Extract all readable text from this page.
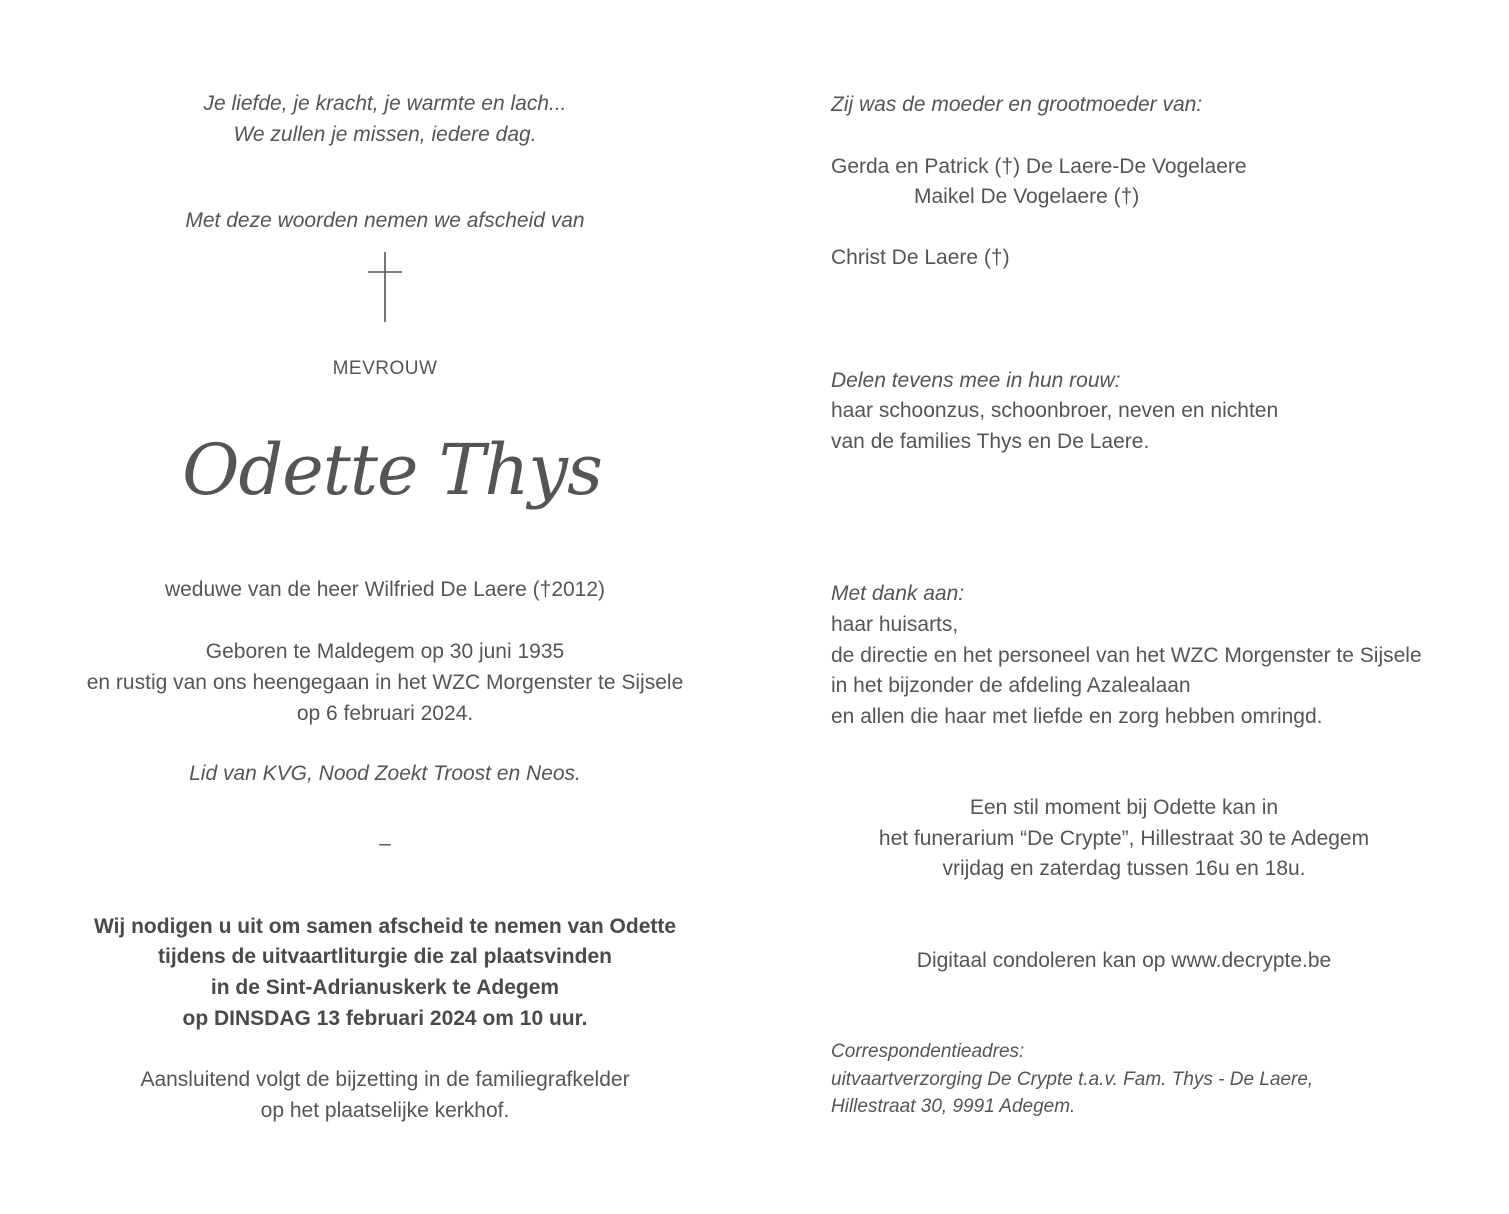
Je liefde, je kracht, je warmte en lach...
We zullen je missen, iedere dag.
Met deze woorden nemen we afscheid van
MEVROUW
Odette Thys
weduwe van de heer Wilfried De Laere (†2012)
Geboren te Maldegem op 30 juni 1935
en rustig van ons heengegaan in het WZC Morgenster te Sijsele
op 6 februari 2024.
Lid van KVG, Nood Zoekt Troost en Neos.
–
Wij nodigen u uit om samen afscheid te nemen van Odette
tijdens de uitvaartliturgie die zal plaatsvinden
in de Sint-Adrianuskerk te Adegem
op DINSDAG 13 februari 2024 om 10 uur.
Aansluitend volgt de bijzetting in de familiegrafkelder
op het plaatselijke kerkhof.
Zij was de moeder en grootmoeder van:
Gerda en Patrick (†) De Laere-De Vogelaere
Maikel De Vogelaere (†)
Christ De Laere (†)
Delen tevens mee in hun rouw:
haar schoonzus, schoonbroer, neven en nichten
van de families Thys en De Laere.
Met dank aan:
haar huisarts,
de directie en het personeel van het WZC Morgenster te Sijsele
in het bijzonder de afdeling Azalealaan
en allen die haar met liefde en zorg hebben omringd.
Een stil moment bij Odette kan in
het funerarium “De Crypte”, Hillestraat 30 te Adegem
vrijdag en zaterdag tussen 16u en 18u.
Digitaal condoleren kan op www.decrypte.be
Correspondentieadres:
uitvaartverzorging De Crypte t.a.v. Fam. Thys - De Laere,
Hillestraat 30, 9991 Adegem.
